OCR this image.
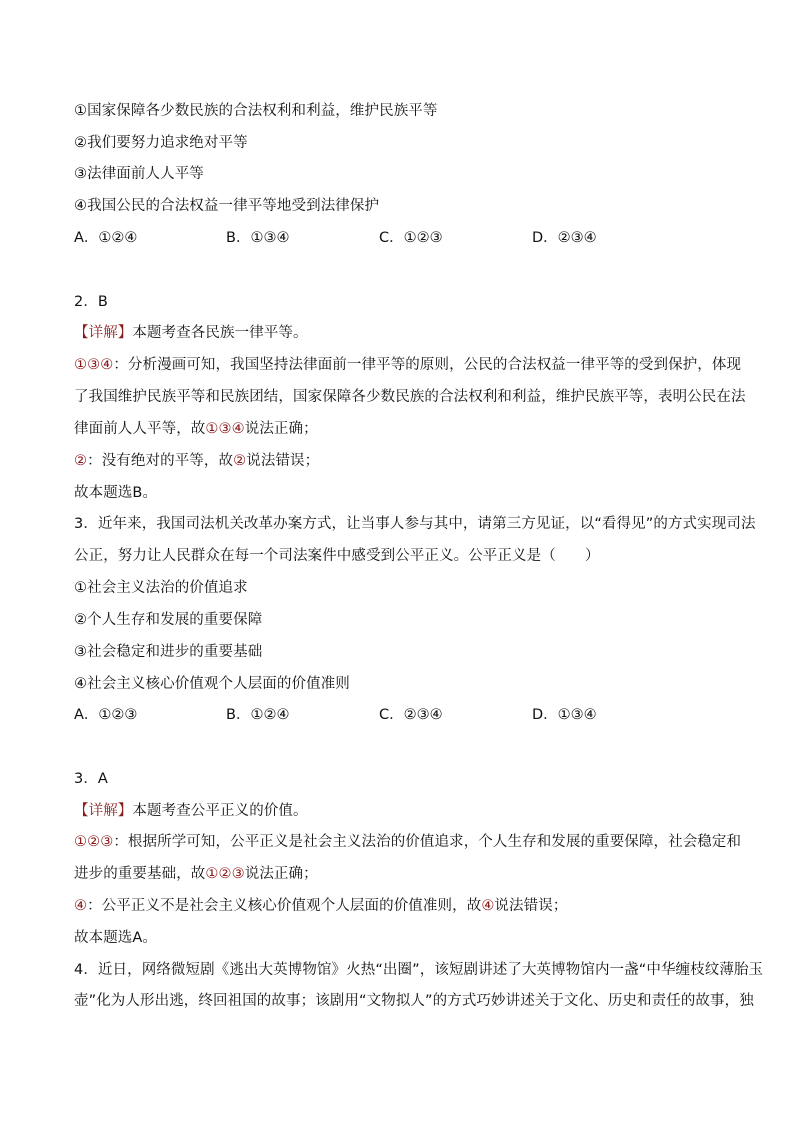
①国家保障各少数民族的合法权利和利益，维护民族平等
②我们要努力追求绝对平等
③法律面前人人平等
④我国公民的合法权益一律平等地受到法律保护
A．①②④	B．①③④	C．①②③	D．②③④
2．B
【详解】本题考查各民族一律平等。
①③④：分析漫画可知，我国坚持法律面前一律平等的原则，公民的合法权益一律平等的受到保护，体现
了我国维护民族平等和民族团结，国家保障各少数民族的合法权利和利益，维护民族平等，表明公民在法
律面前人人平等，故①③④说法正确；
②：没有绝对的平等，故②说法错误；
故本题选B。
3．近年来，我国司法机关改革办案方式，让当事人参与其中，请第三方见证，以“看得见”的方式实现司法
公正，努力让人民群众在每一个司法案件中感受到公平正义。公平正义是（　　）
①社会主义法治的价值追求
②个人生存和发展的重要保障
③社会稳定和进步的重要基础
④社会主义核心价值观个人层面的价值准则
A．①②③	B．①②④	C．②③④	D．①③④
3．A
【详解】本题考查公平正义的价值。
①②③：根据所学可知，公平正义是社会主义法治的价值追求，个人生存和发展的重要保障，社会稳定和
进步的重要基础，故①②③说法正确；
④：公平正义不是社会主义核心价值观个人层面的价值准则，故④说法错误；
故本题选A。
4．近日，网络微短剧《逃出大英博物馆》火热“出圈”，该短剧讲述了大英博物馆内一盏“中华缠枝纹薄胎玉
壶”化为人形出逃，终回祖国的故事；该剧用“文物拟人”的方式巧妙讲述关于文化、历史和责任的故事，独
